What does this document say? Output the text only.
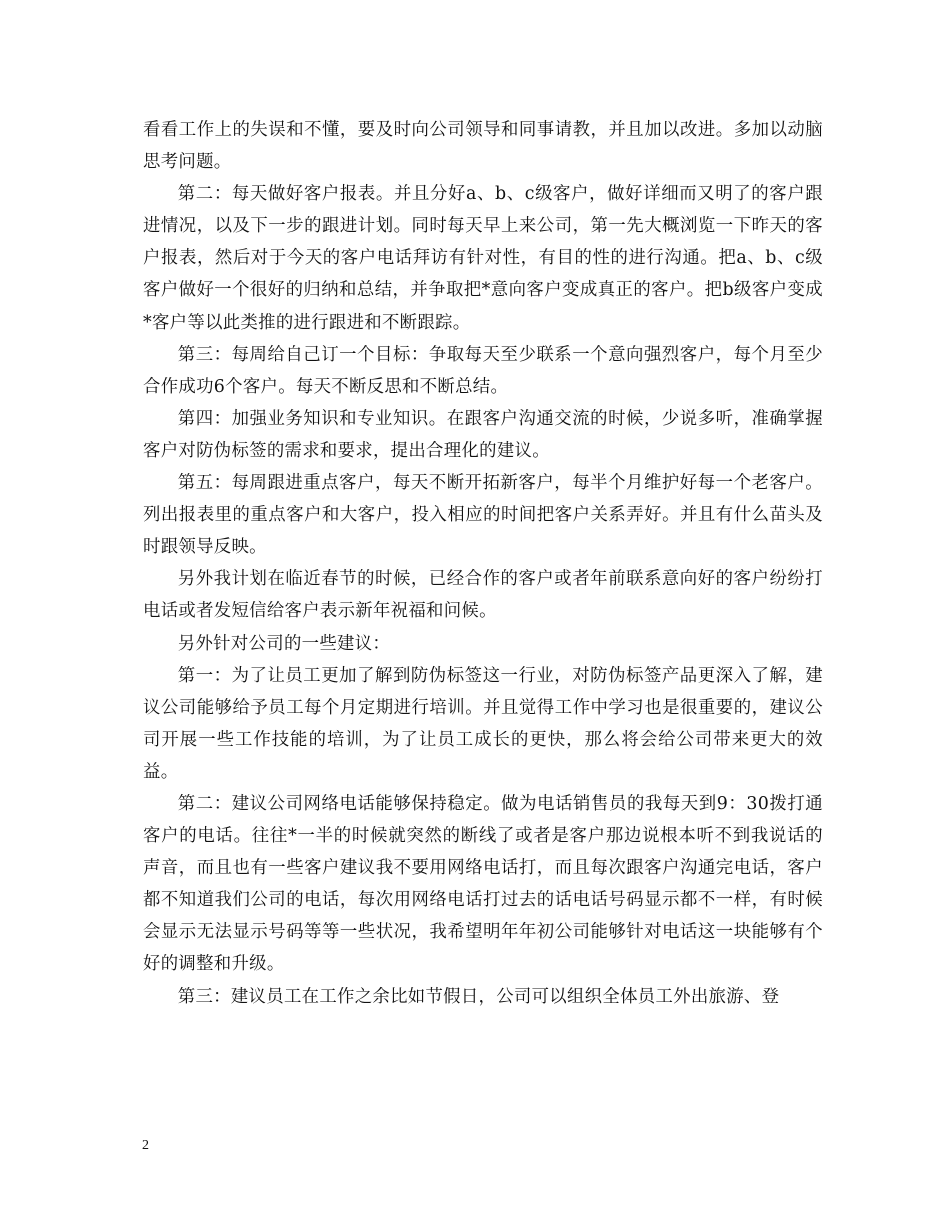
看看工作上的失误和不懂，要及时向公司领导和同事请教，并且加以改进。多加以动脑思考问题。

第二：每天做好客户报表。并且分好a、b、c级客户，做好详细而又明了的客户跟进情况，以及下一步的跟进计划。同时每天早上来公司，第一先大概浏览一下昨天的客户报表，然后对于今天的客户电话拜访有针对性，有目的性的进行沟通。把a、b、c级客户做好一个很好的归纳和总结，并争取把*意向客户变成真正的客户。把b级客户变成*客户等以此类推的进行跟进和不断跟踪。

第三：每周给自己订一个目标：争取每天至少联系一个意向强烈客户，每个月至少合作成功6个客户。每天不断反思和不断总结。

第四：加强业务知识和专业知识。在跟客户沟通交流的时候，少说多听，准确掌握客户对防伪标签的需求和要求，提出合理化的建议。

第五：每周跟进重点客户，每天不断开拓新客户，每半个月维护好每一个老客户。列出报表里的重点客户和大客户，投入相应的时间把客户关系弄好。并且有什么苗头及时跟领导反映。

另外我计划在临近春节的时候，已经合作的客户或者年前联系意向好的客户纷纷打电话或者发短信给客户表示新年祝福和问候。

另外针对公司的一些建议：

第一：为了让员工更加了解到防伪标签这一行业，对防伪标签产品更深入了解，建议公司能够给予员工每个月定期进行培训。并且觉得工作中学习也是很重要的，建议公司开展一些工作技能的培训，为了让员工成长的更快，那么将会给公司带来更大的效益。

第二：建议公司网络电话能够保持稳定。做为电话销售员的我每天到9：30拨打通客户的电话。往往*一半的时候就突然的断线了或者是客户那边说根本听不到我说话的声音，而且也有一些客户建议我不要用网络电话打，而且每次跟客户沟通完电话，客户都不知道我们公司的电话，每次用网络电话打过去的话电话号码显示都不一样，有时候会显示无法显示号码等等一些状况，我希望明年年初公司能够针对电话这一块能够有个好的调整和升级。

第三：建议员工在工作之余比如节假日，公司可以组织全体员工外出旅游、登

2
